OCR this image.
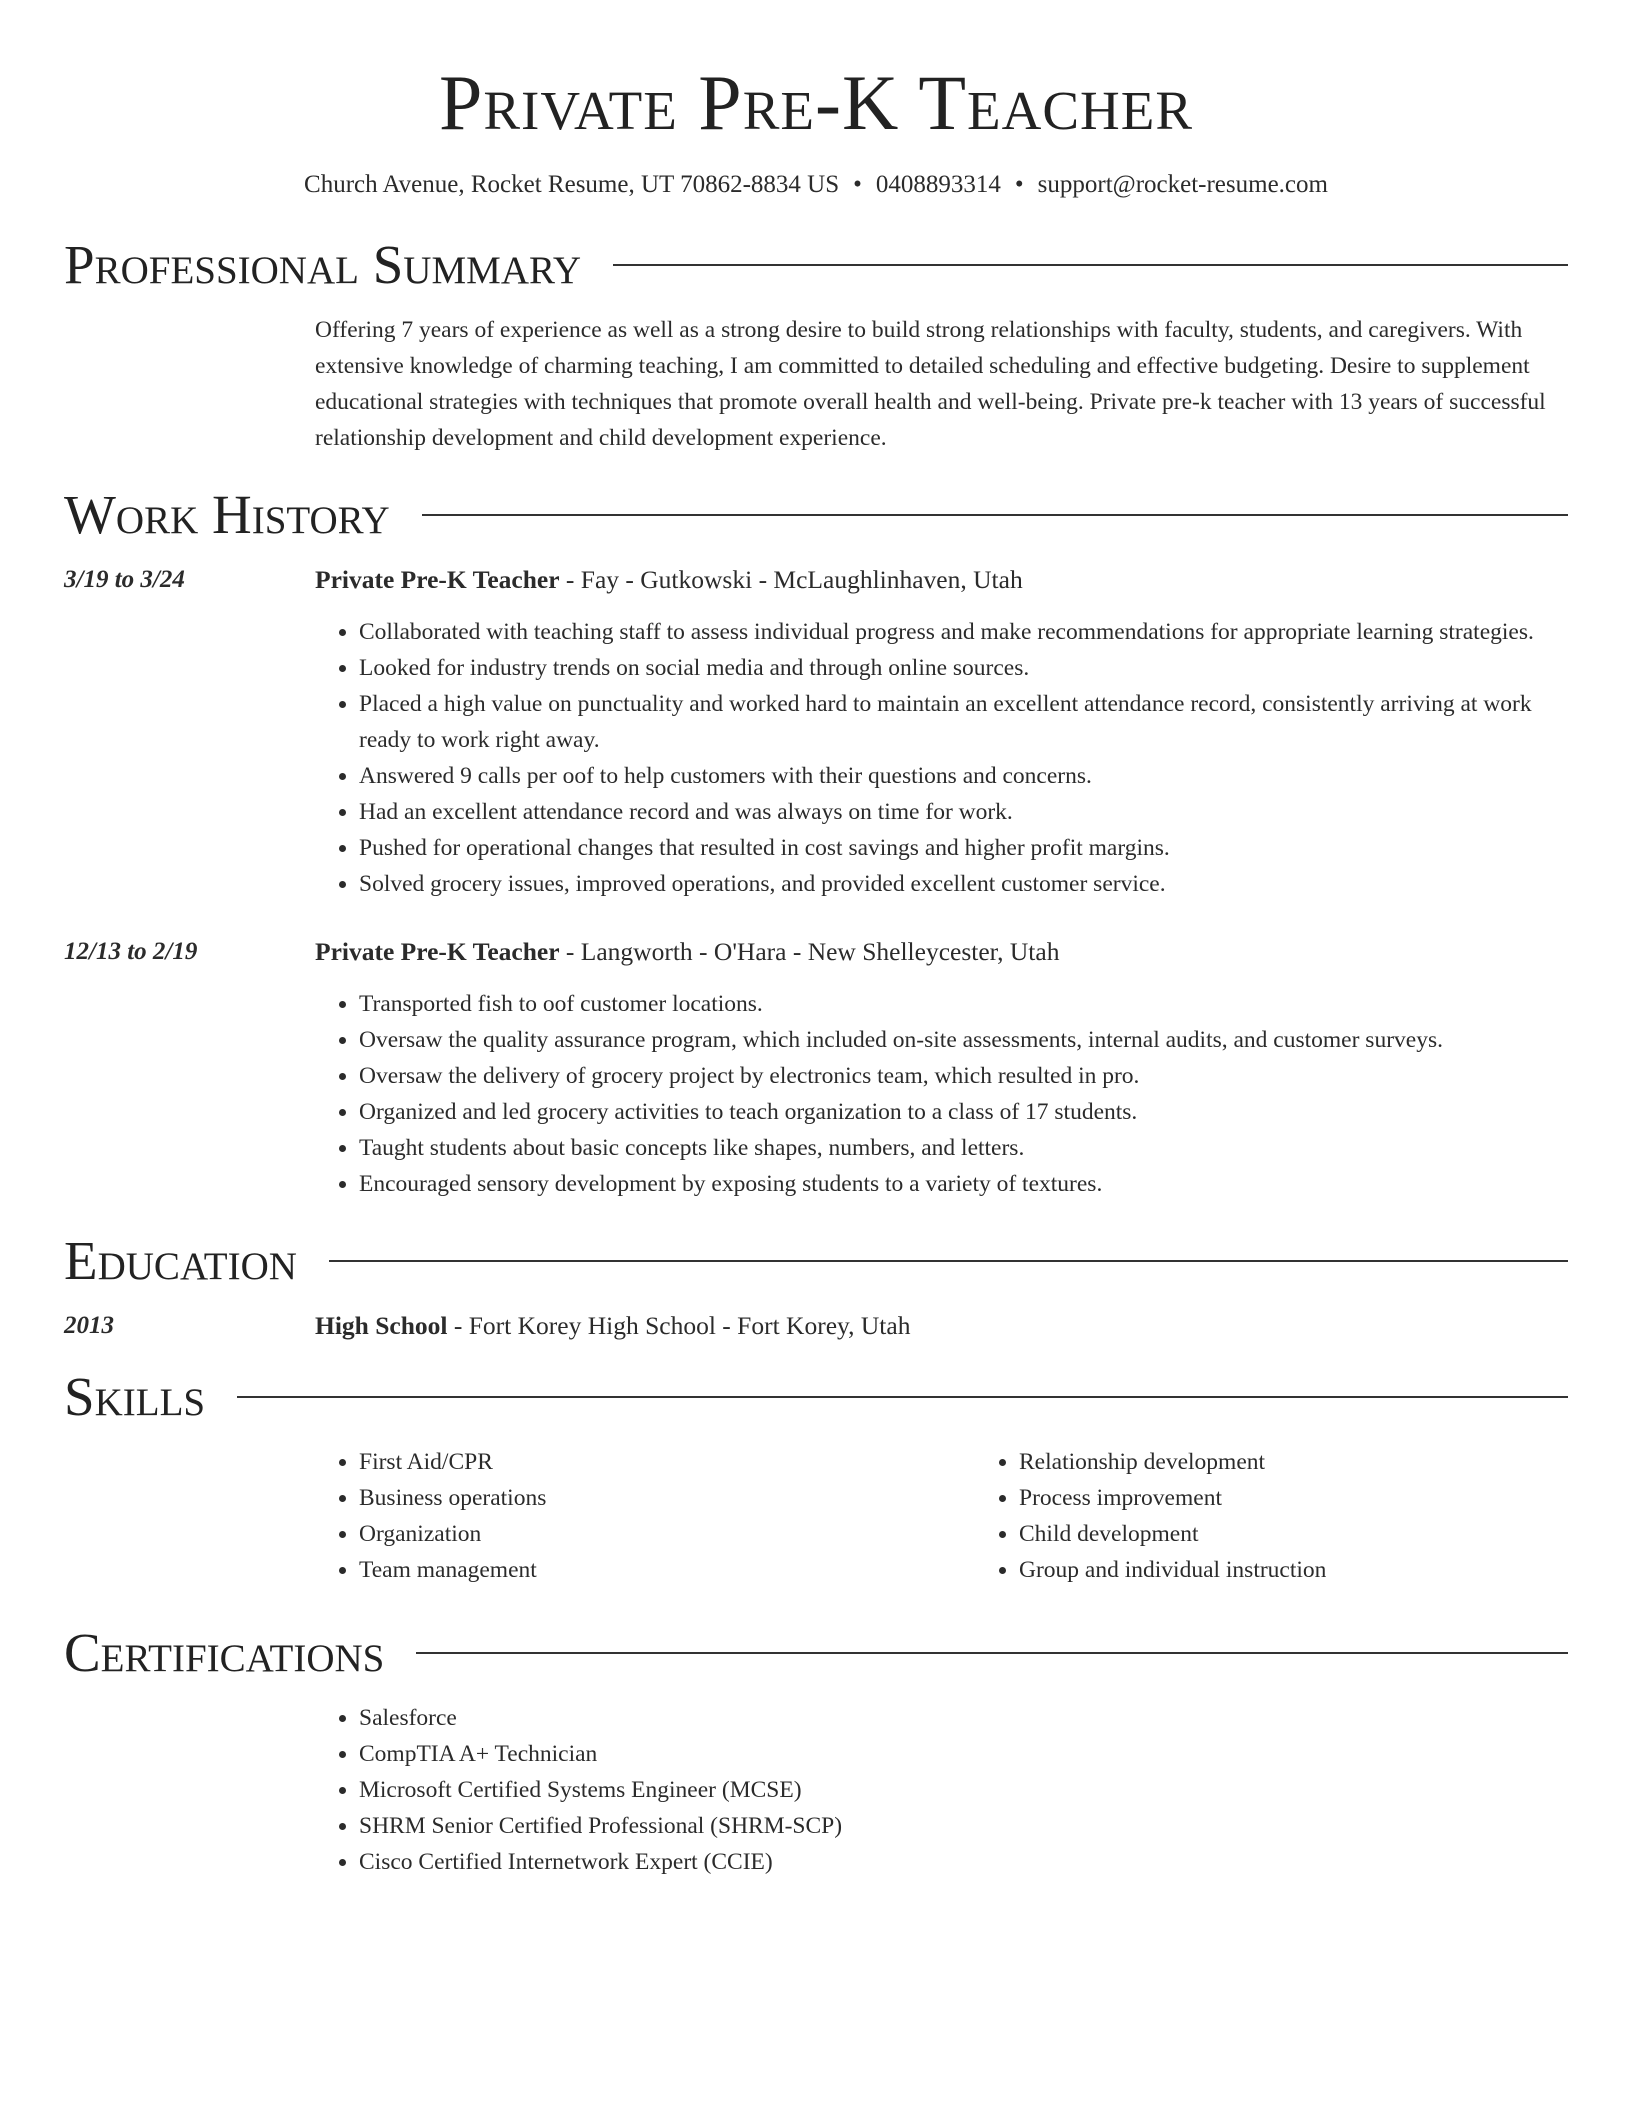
Private Pre-K Teacher
Church Avenue, Rocket Resume, UT 70862-8834 US • 0408893314 • support@rocket-resume.com
Professional Summary
Offering 7 years of experience as well as a strong desire to build strong relationships with faculty, students, and caregivers. With extensive knowledge of charming teaching, I am committed to detailed scheduling and effective budgeting. Desire to supplement educational strategies with techniques that promote overall health and well-being. Private pre-k teacher with 13 years of successful relationship development and child development experience.
Work History
3/19 to 3/24	Private Pre-K Teacher - Fay - Gutkowski - McLaughlinhaven, Utah
• Collaborated with teaching staff to assess individual progress and make recommendations for appropriate learning strategies.
• Looked for industry trends on social media and through online sources.
• Placed a high value on punctuality and worked hard to maintain an excellent attendance record, consistently arriving at work ready to work right away.
• Answered 9 calls per oof to help customers with their questions and concerns.
• Had an excellent attendance record and was always on time for work.
• Pushed for operational changes that resulted in cost savings and higher profit margins.
• Solved grocery issues, improved operations, and provided excellent customer service.
12/13 to 2/19	Private Pre-K Teacher - Langworth - O'Hara - New Shelleycester, Utah
• Transported fish to oof customer locations.
• Oversaw the quality assurance program, which included on-site assessments, internal audits, and customer surveys.
• Oversaw the delivery of grocery project by electronics team, which resulted in pro.
• Organized and led grocery activities to teach organization to a class of 17 students.
• Taught students about basic concepts like shapes, numbers, and letters.
• Encouraged sensory development by exposing students to a variety of textures.
Education
2013	High School - Fort Korey High School - Fort Korey, Utah
Skills
• First Aid/CPR
• Business operations
• Organization
• Team management
• Relationship development
• Process improvement
• Child development
• Group and individual instruction
Certifications
• Salesforce
• CompTIA A+ Technician
• Microsoft Certified Systems Engineer (MCSE)
• SHRM Senior Certified Professional (SHRM-SCP)
• Cisco Certified Internetwork Expert (CCIE)
